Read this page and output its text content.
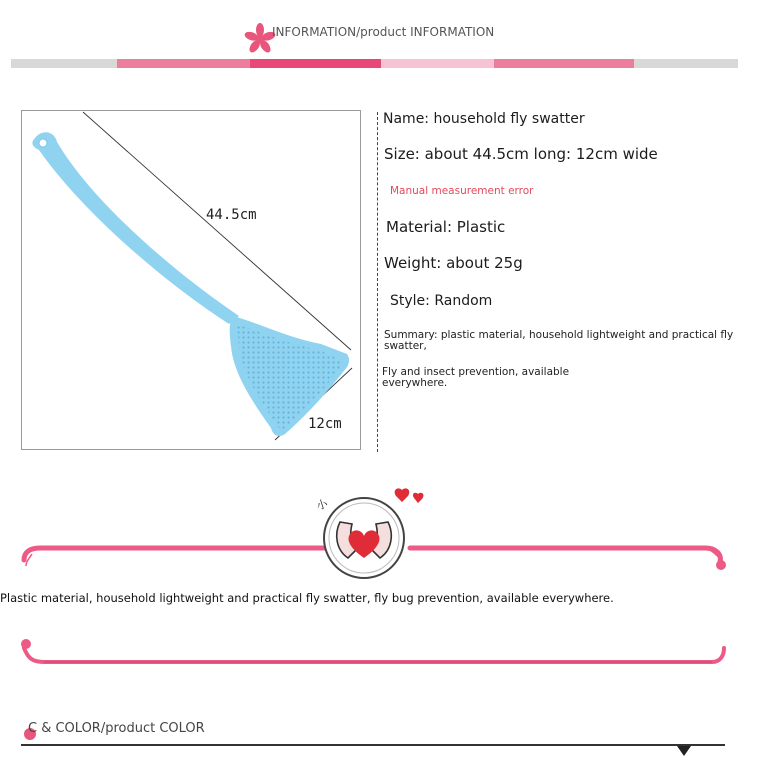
INFORMATION/product INFORMATION
44.5cm
12cm
Name: household fly swatter
Size: about 44.5cm long: 12cm wide
Manual measurement error
Material: Plastic
Weight: about 25g
Style: Random
Summary: plastic material, household lightweight and practical fly swatter,
Fly and insect prevention, available everywhere.
小
Plastic material, household lightweight and practical fly swatter, fly bug prevention, available everywhere.
C & COLOR/product COLOR
